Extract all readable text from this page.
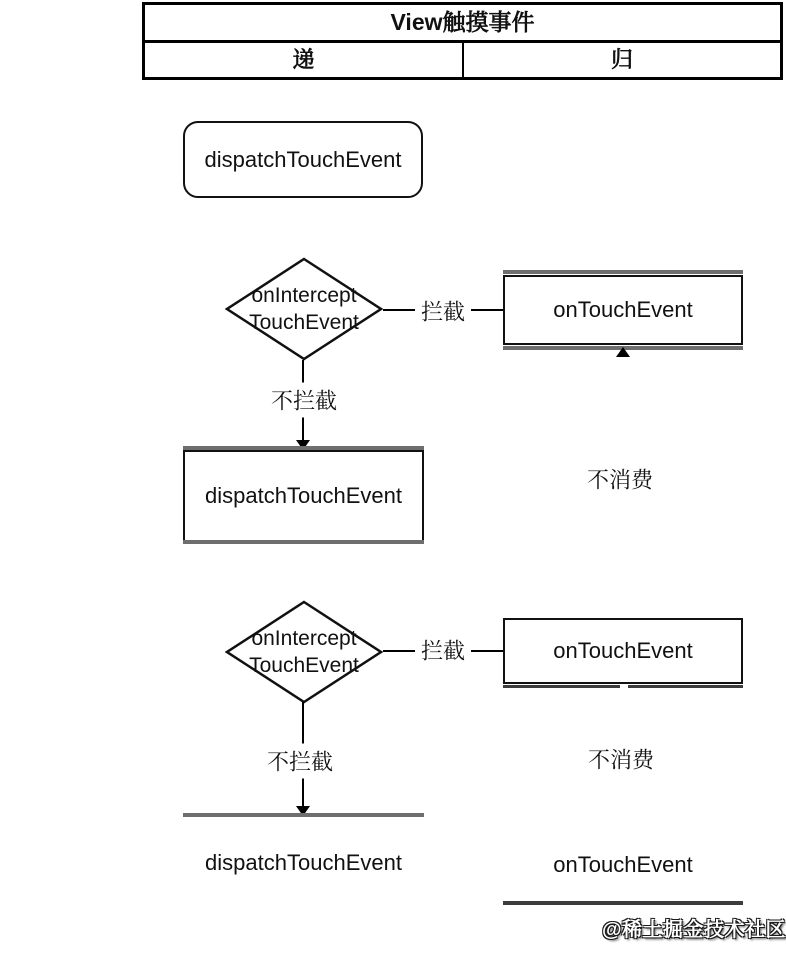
View触摸事件
递	归
dispatchTouchEvent
onIntercept
TouchEvent	拦截	onTouchEvent
不拦截
dispatchTouchEvent
不消费
onIntercept
TouchEvent
拦截	onTouchEvent
不拦截	不消费
dispatchTouchEvent	onTouchEvent
@稀土掘金技术社区
